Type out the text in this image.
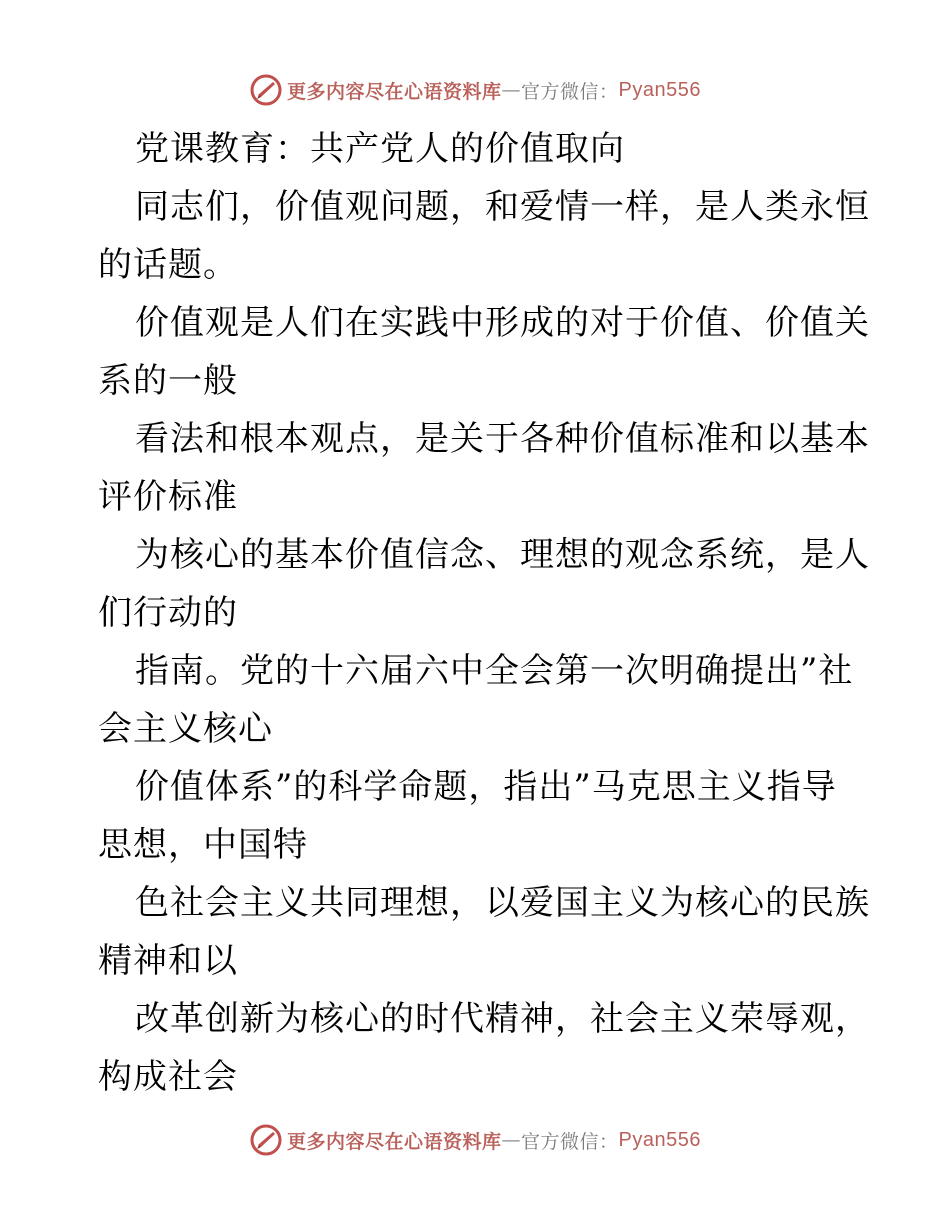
更多内容尽在心语资料库 — 官方微信： Pyan556
党课教育：共产党人的价值取向
同志们，价值观问题，和爱情一样，是人类永恒
的话题。
价值观是人们在实践中形成的对于价值、价值关
系的一般
看法和根本观点，是关于各种价值标准和以基本
评价标准
为核心的基本价值信念、理想的观念系统，是人
们行动的
指南。党的十六届六中全会第一次明确提出”社
会主义核心
价值体系”的科学命题，指出”马克思主义指导
思想，中国特
色社会主义共同理想，以爱国主义为核心的民族
精神和以
改革创新为核心的时代精神，社会主义荣辱观，
构成社会
更多内容尽在心语资料库 — 官方微信： Pyan556
